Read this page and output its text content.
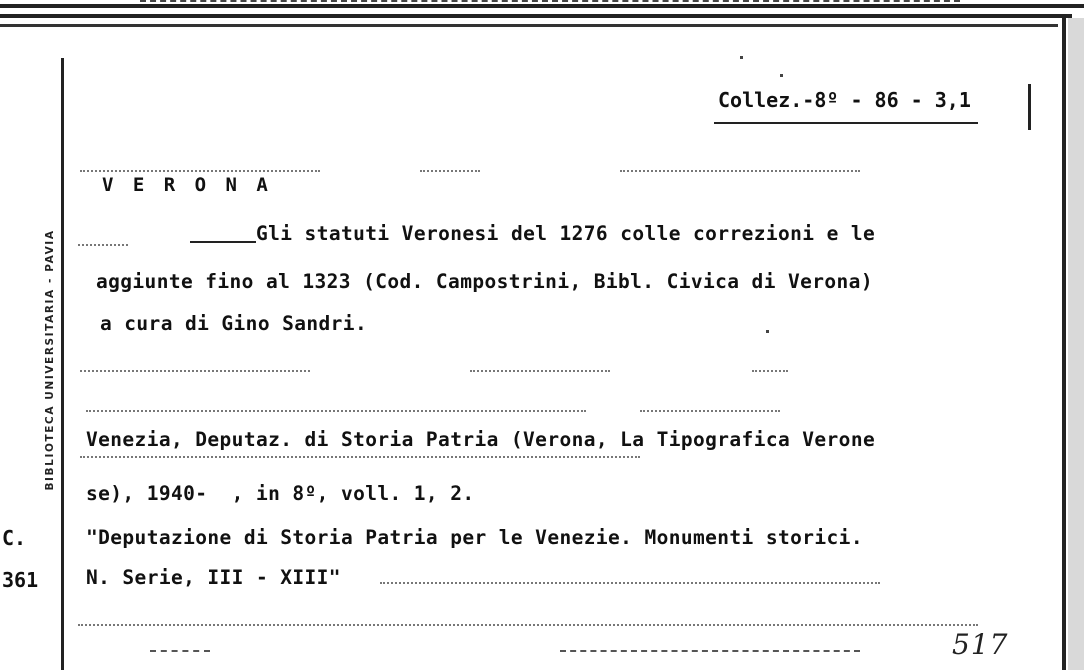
BIBLIOTECA UNIVERSITARIA - PAVIA
C.
361
Collez.-8º - 86 - 3,1
V E R O N A
Gli statuti Veronesi del 1276 colle correzioni e le
aggiunte fino al 1323 (Cod. Campostrini, Bibl. Civica di Verona)
a cura di Gino Sandri.
Venezia, Deputaz. di Storia Patria (Verona, La Tipografica Verone
se), 1940-  , in 8º, voll. 1, 2.
"Deputazione di Storia Patria per le Venezie. Monumenti storici.
N. Serie, III - XIII"
517
